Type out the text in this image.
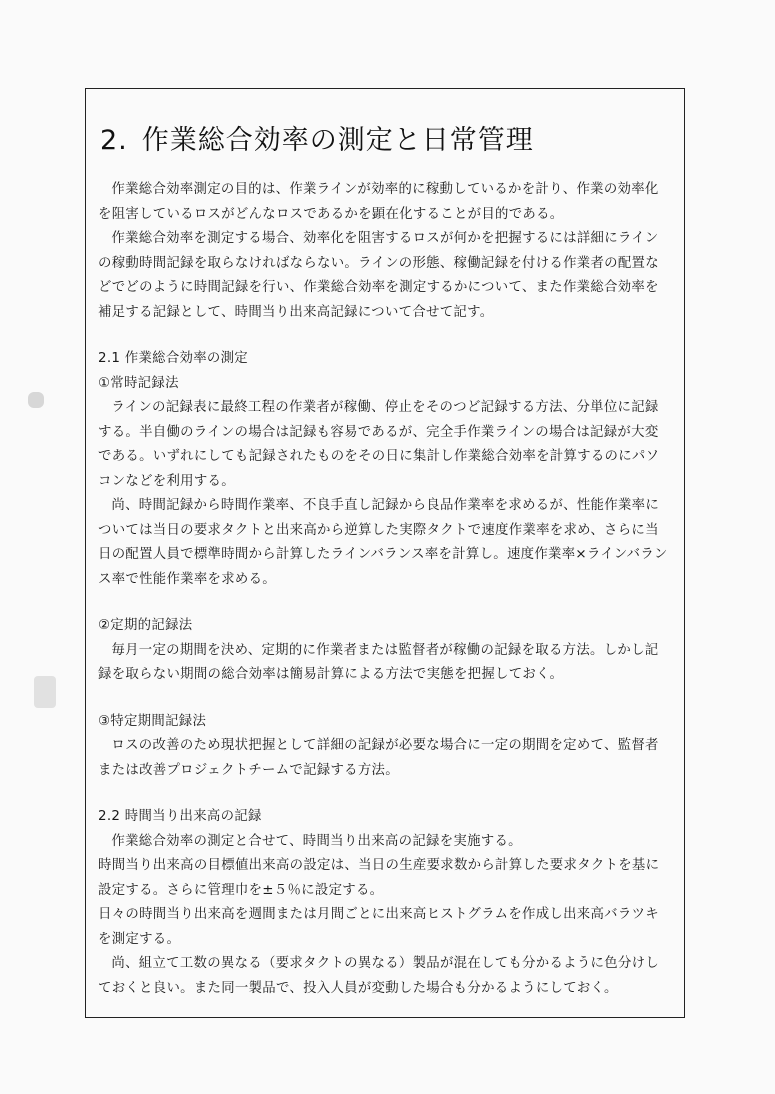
2. 作業総合効率の測定と日常管理

作業総合効率測定の目的は、作業ラインが効率的に稼動しているかを計り、作業の効率化を阻害しているロスがどんなロスであるかを顕在化することが目的である。

作業総合効率を測定する場合、効率化を阻害するロスが何かを把握するには詳細にラインの稼動時間記録を取らなければならない。ラインの形態、稼働記録を付ける作業者の配置などでどのように時間記録を行い、作業総合効率を測定するかについて、また作業総合効率を補足する記録として、時間当り出来高記録について合せて記す。

2.1 作業総合効率の測定

①常時記録法

ラインの記録表に最終工程の作業者が稼働、停止をそのつど記録する方法、分単位に記録する。半自働のラインの場合は記録も容易であるが、完全手作業ラインの場合は記録が大変である。いずれにしても記録されたものをその日に集計し作業総合効率を計算するのにパソコンなどを利用する。

尚、時間記録から時間作業率、不良手直し記録から良品作業率を求めるが、性能作業率については当日の要求タクトと出来高から逆算した実際タクトで速度作業率を求め、さらに当日の配置人員で標準時間から計算したラインバランス率を計算し。速度作業率×ラインバランス率で性能作業率を求める。

②定期的記録法

毎月一定の期間を決め、定期的に作業者または監督者が稼働の記録を取る方法。しかし記録を取らない期間の総合効率は簡易計算による方法で実態を把握しておく。

③特定期間記録法

ロスの改善のため現状把握として詳細の記録が必要な場合に一定の期間を定めて、監督者または改善プロジェクトチームで記録する方法。

2.2 時間当り出来高の記録

作業総合効率の測定と合せて、時間当り出来高の記録を実施する。

時間当り出来高の目標値出来高の設定は、当日の生産要求数から計算した要求タクトを基に設定する。さらに管理巾を±５％に設定する。

日々の時間当り出来高を週間または月間ごとに出来高ヒストグラムを作成し出来高バラツキを測定する。

尚、組立て工数の異なる（要求タクトの異なる）製品が混在しても分かるように色分けしておくと良い。また同一製品で、投入人員が変動した場合も分かるようにしておく。
